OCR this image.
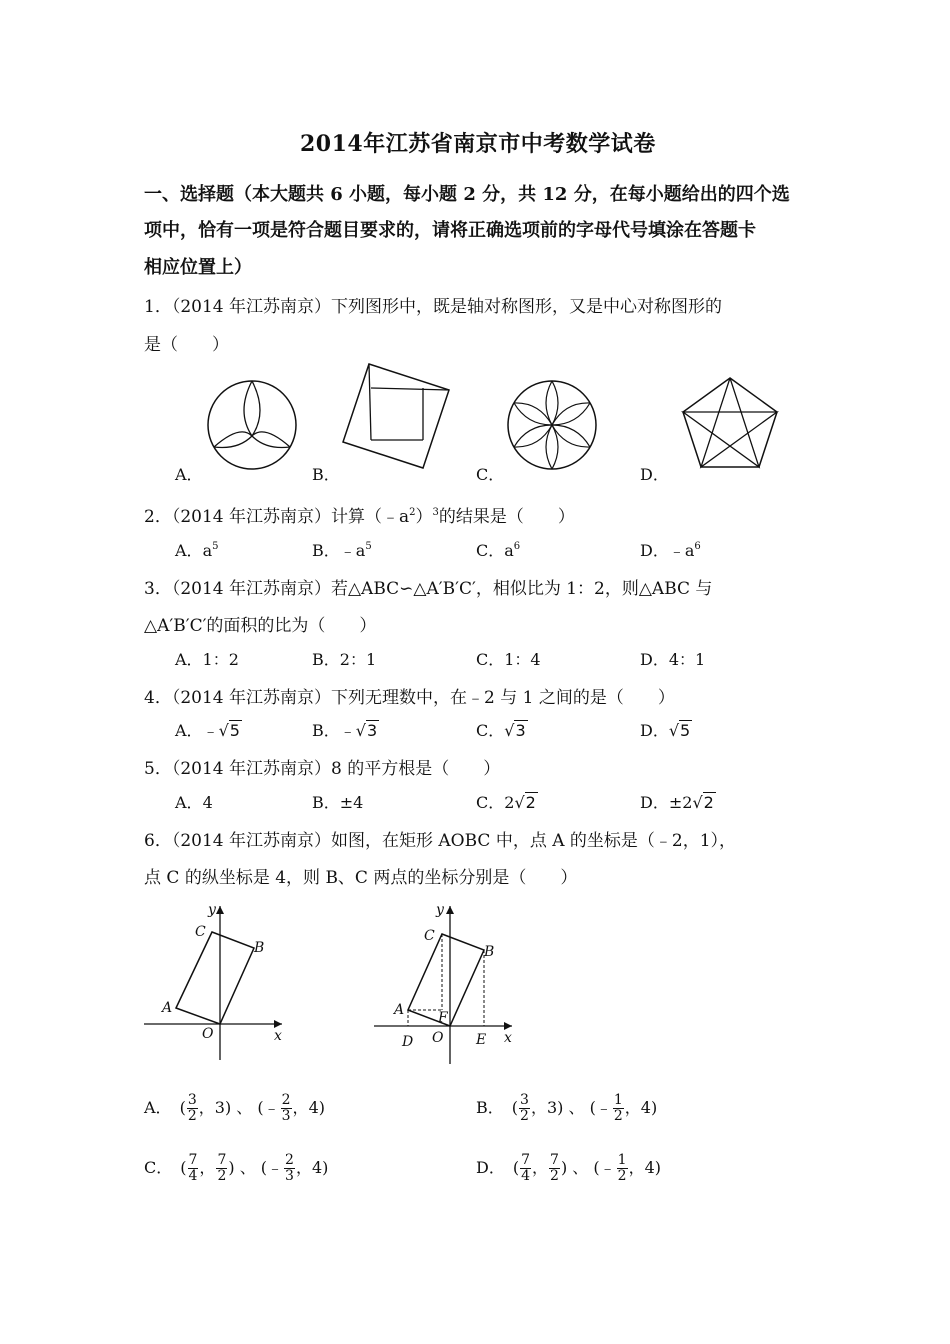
2014年江苏省南京市中考数学试卷
一、选择题（本大题共 6 小题，每小题 2 分，共 12 分，在每小题给出的四个选
项中，恰有一项是符合题目要求的，请将正确选项前的字母代号填涂在答题卡
相应位置上）
1．（2014 年江苏南京）下列图形中，既是轴对称图形，又是中心对称图形的
是（　　）
A．	B．	C．	D．
2．（2014 年江苏南京）计算$(﹣a^2)^3$的结果是（　　）
A．$a^5$	B．$﹣a^5$	C．$a^6$	D．$﹣a^6$
3．（2014 年江苏南京）若△ABC∽△A′B′C′，相似比为 1：2，则△ABC 与
△A′B′C′的面积的比为（　　）
A．1：2	B．2：1	C．1：4	D．4：1
4．（2014 年江苏南京）下列无理数中，在﹣2 与 1 之间的是（　　）
A．﹣√5	B．﹣√3	C．√3	D．√5
5．（2014 年江苏南京）8 的平方根是（　　）
A．4	B．±4	C．2√2	D．±2√2
6．（2014 年江苏南京）如图，在矩形 AOBC 中，点 A 的坐标是（﹣2，1），
点 C 的纵坐标是 4，则 B、C 两点的坐标分别是（　　）
y
x
C
B
A
O
y
x
C
B
A F
O
D	E
A．　( $\frac{3}{2}$ ，3) 、 (﹣ $\frac{2}{3}$ ，4)	B．　( $\frac{3}{2}$ ，3) 、 (﹣ $\frac{1}{2}$ ，4)
C．　( $\frac{7}{4}$ ， $\frac{7}{2}$ ) 、 (﹣ $\frac{2}{3}$ ，4)	D．　( $\frac{7}{4}$ ， $\frac{7}{2}$ ) 、 (﹣ $\frac{1}{2}$ ，4)
